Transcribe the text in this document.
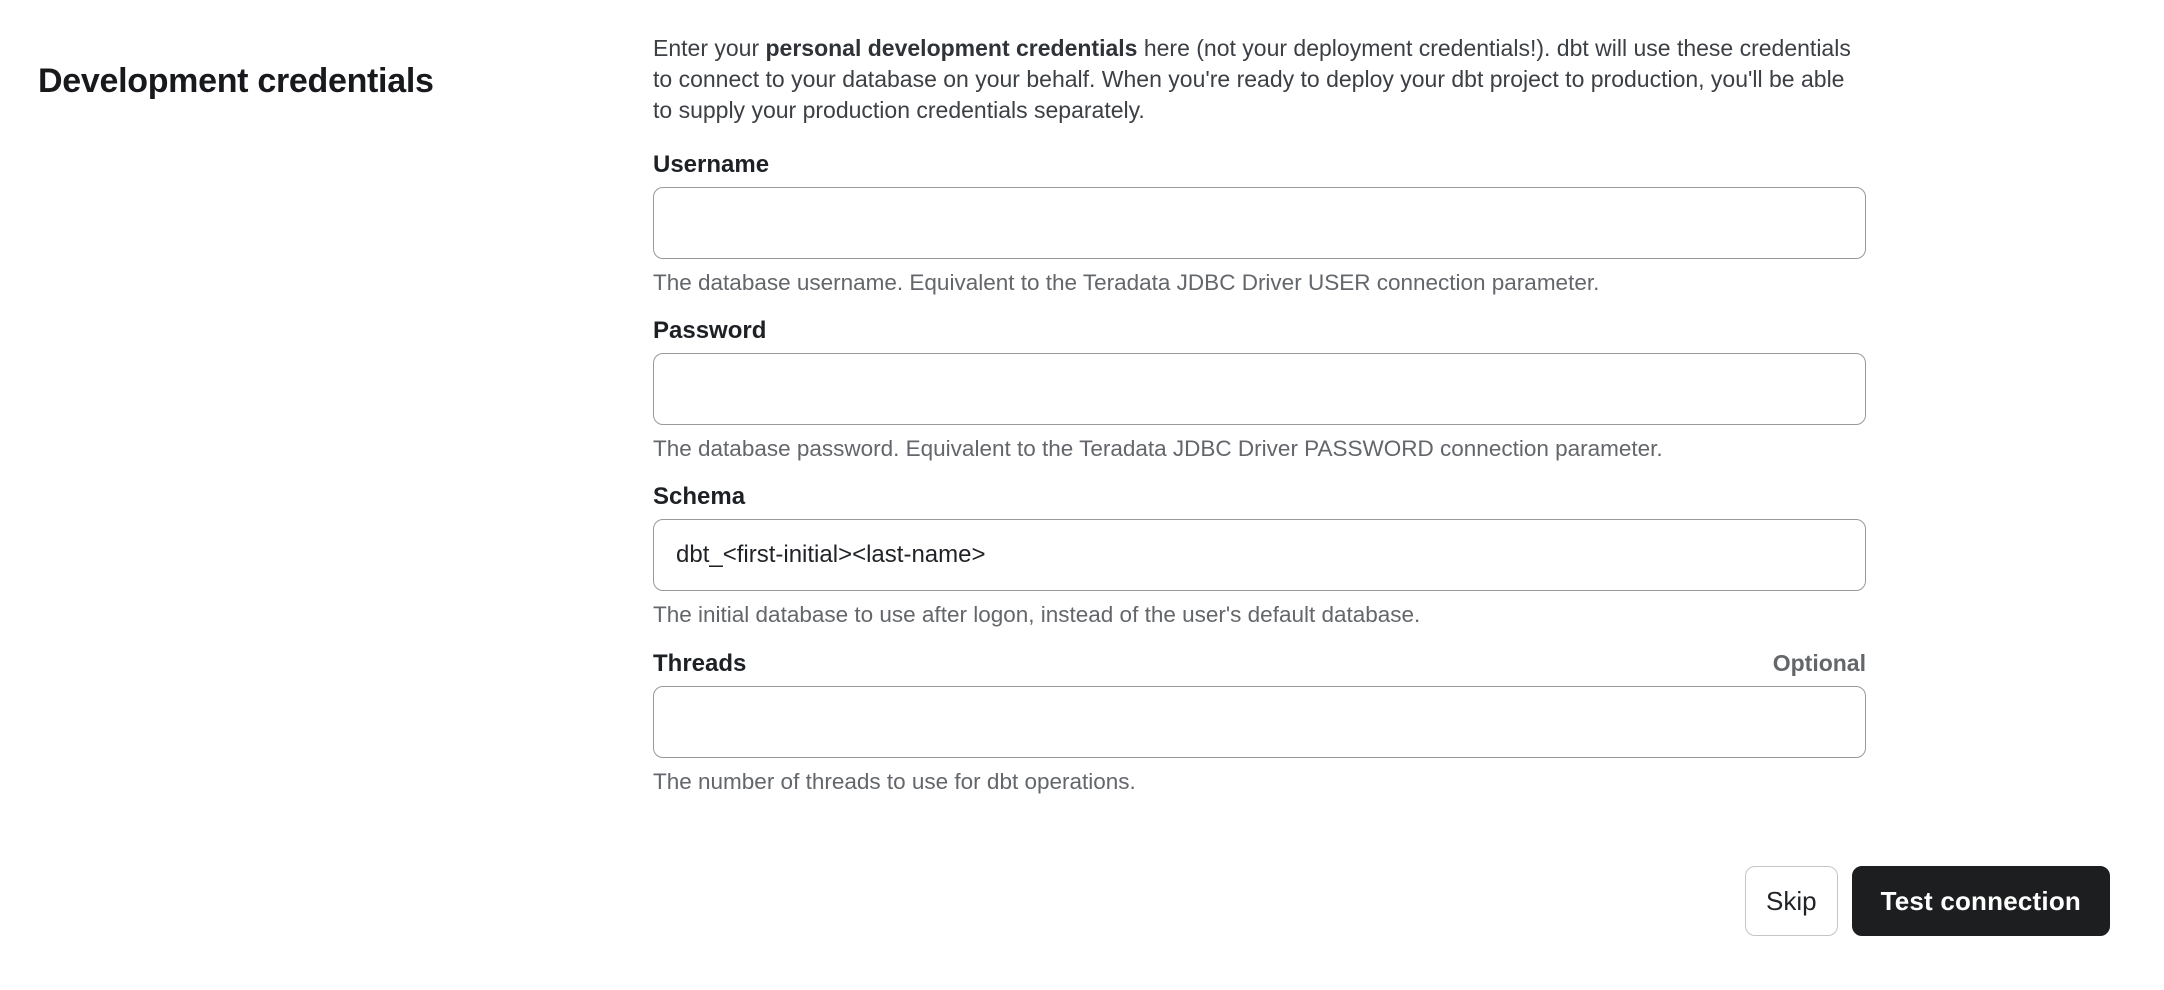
Development credentials

Enter your personal development credentials here (not your deployment credentials!). dbt will use these credentials to connect to your database on your behalf. When you're ready to deploy your dbt project to production, you'll be able to supply your production credentials separately.

Username

The database username. Equivalent to the Teradata JDBC Driver USER connection parameter.

Password

The database password. Equivalent to the Teradata JDBC Driver PASSWORD connection parameter.

Schema
dbt_<first-initial><last-name>

The initial database to use after logon, instead of the user's default database.

Threads	Optional

The number of threads to use for dbt operations.

Skip	Test connection
